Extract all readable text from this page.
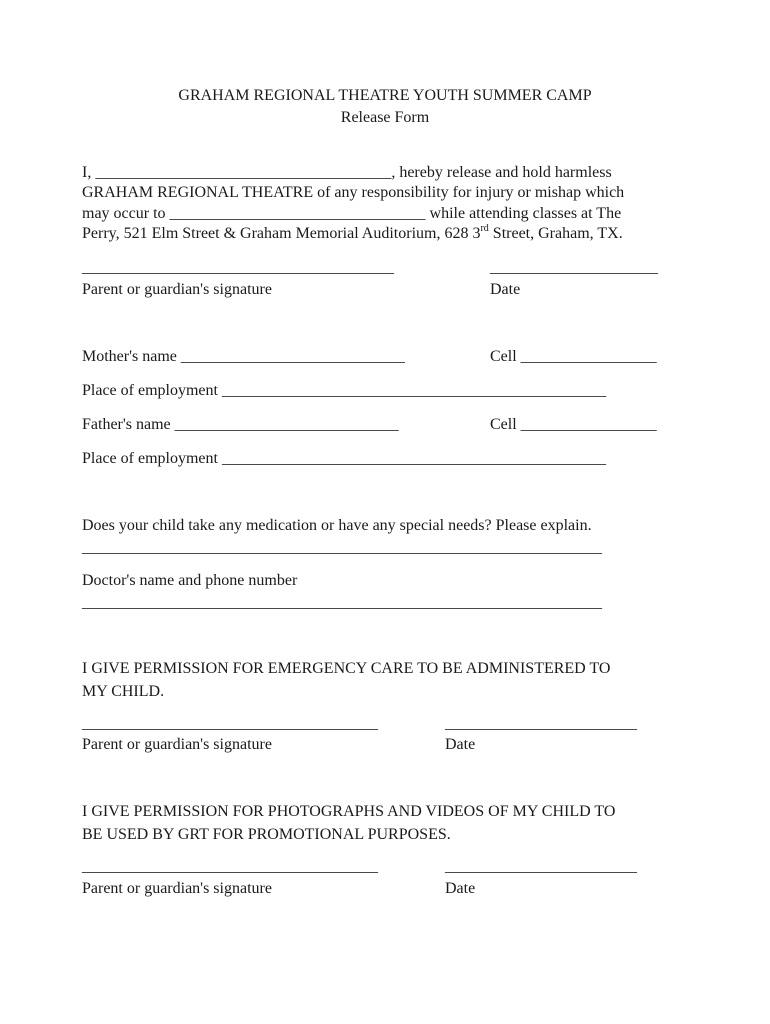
GRAHAM REGIONAL THEATRE YOUTH SUMMER CAMP
Release Form
I, _____________________________________, hereby release and hold harmless
GRAHAM REGIONAL THEATRE of any responsibility for injury or mishap which
may occur to ________________________________ while attending classes at The
Perry, 521 Elm Street & Graham Memorial Auditorium, 628 3rd Street, Graham, TX.
_______________________________________	_____________________
Parent or guardian's signature	Date
Mother's name ____________________________	Cell _________________
Place of employment ________________________________________________
Father's name ____________________________	Cell _________________
Place of employment ________________________________________________
Does your child take any medication or have any special needs? Please explain.
_________________________________________________________________
Doctor's name and phone number
_________________________________________________________________
I GIVE PERMISSION FOR EMERGENCY CARE TO BE ADMINISTERED TO
MY CHILD.
_____________________________________	________________________
Parent or guardian's signature	Date
I GIVE PERMISSION FOR PHOTOGRAPHS AND VIDEOS OF MY CHILD TO
BE USED BY GRT FOR PROMOTIONAL PURPOSES.
_____________________________________	________________________
Parent or guardian's signature	Date
